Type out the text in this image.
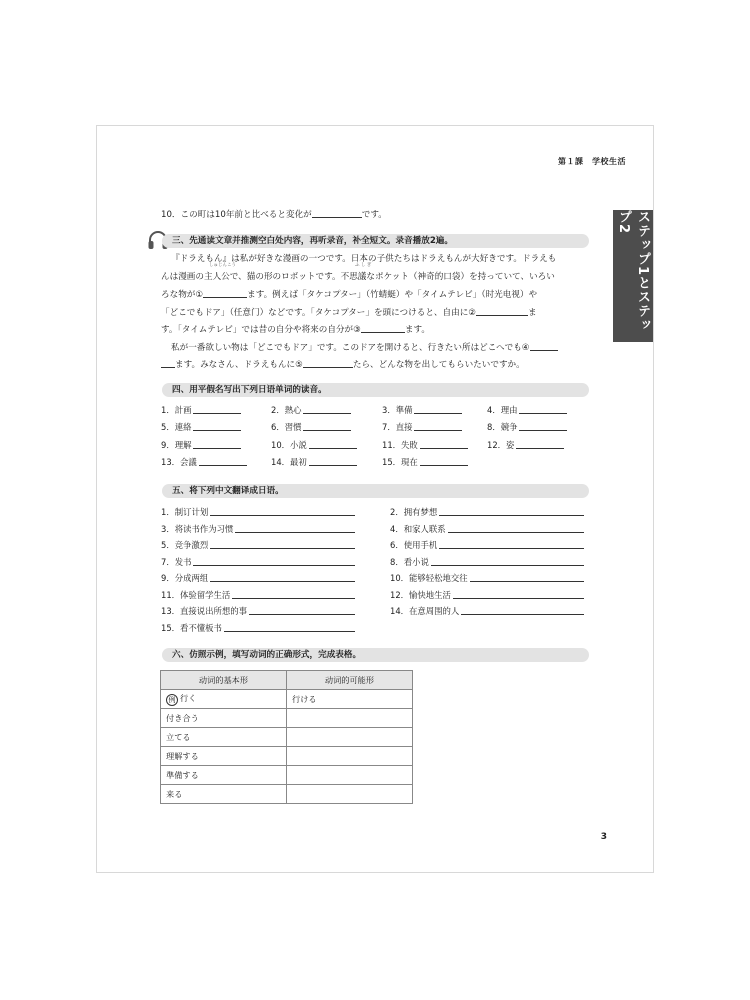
第１課　学校生活
ステップ1とステップ2
10．この町は10年前と比べると変化が	です。
三、先通读文章并推测空白处内容，再听录音，补全短文。录音播放2遍。
しゅじんこう	ふ し ぎ
『ドラえもん』は私が好きな漫画の一つです。日本の子供たちはドラえもんが大好きです。ドラえも
んは漫画の主人公で、猫の形のロボットです。不思議なポケット（神奇的口袋）を持っていて、いろい
ろな物が①	ます。例えば「タケコプター」（竹蜻蜓）や「タイムテレビ」（时光电视）や
「どこでもドア」（任意门）などです。「タケコプター」を頭につけると、自由に②	ま
す。「タイムテレビ」では昔の自分や将来の自分が③	ます。
私が一番欲しい物は「どこでもドア」です。このドアを開けると、行きたい所はどこへでも④
ます。みなさん、ドラえもんに⑤	たら、どんな物を出してもらいたいですか。
四、用平假名写出下列日语单词的读音。
1．計画	2．熱心	3．準備	4．理由
5．連絡	6．習慣	7．直接	8．競争
9．理解	10．小説	11．失敗	12．姿
13．会議	14．最初	15．現在
五、将下列中文翻译成日语。
1．制订计划	2．拥有梦想
3．将读书作为习惯	4．和家人联系
5．竞争激烈	6．使用手机
7．发书	8．看小说
9．分成两组	10．能够轻松地交往
11．体验留学生活	12．愉快地生活
13．直接说出所想的事	14．在意周围的人
15．看不懂板书
六、仿照示例，填写动词的正确形式，完成表格。
动词的基本形	动词的可能形
例 行く	行ける
付き合う	
立てる	
理解する	
準備する	
来る	
3
